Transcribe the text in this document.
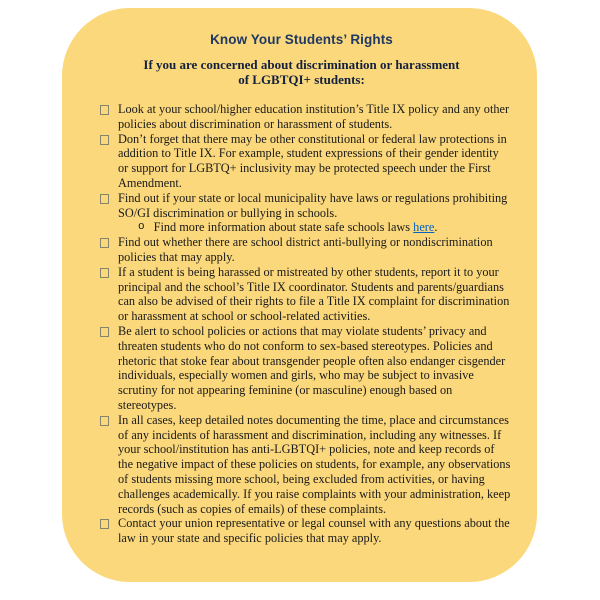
Know Your Students’ Rights
If you are concerned about discrimination or harassment
of LGBTQI+ students:
Look at your school/higher education institution’s Title IX policy and any other policies about discrimination or harassment of students.
Don’t forget that there may be other constitutional or federal law protections in addition to Title IX. For example, student expressions of their gender identity or support for LGBTQ+ inclusivity may be protected speech under the First Amendment.
Find out if your state or local municipality have laws or regulations prohibiting SO/GI discrimination or bullying in schools.
o Find more information about state safe schools laws here.
Find out whether there are school district anti-bullying or nondiscrimination policies that may apply.
If a student is being harassed or mistreated by other students, report it to your principal and the school’s Title IX coordinator. Students and parents/guardians can also be advised of their rights to file a Title IX complaint for discrimination or harassment at school or school-related activities.
Be alert to school policies or actions that may violate students’ privacy and threaten students who do not conform to sex-based stereotypes. Policies and rhetoric that stoke fear about transgender people often also endanger cisgender individuals, especially women and girls, who may be subject to invasive scrutiny for not appearing feminine (or masculine) enough based on stereotypes.
In all cases, keep detailed notes documenting the time, place and circumstances of any incidents of harassment and discrimination, including any witnesses. If your school/institution has anti-LGBTQI+ policies, note and keep records of the negative impact of these policies on students, for example, any observations of students missing more school, being excluded from activities, or having challenges academically. If you raise complaints with your administration, keep records (such as copies of emails) of these complaints.
Contact your union representative or legal counsel with any questions about the law in your state and specific policies that may apply.
